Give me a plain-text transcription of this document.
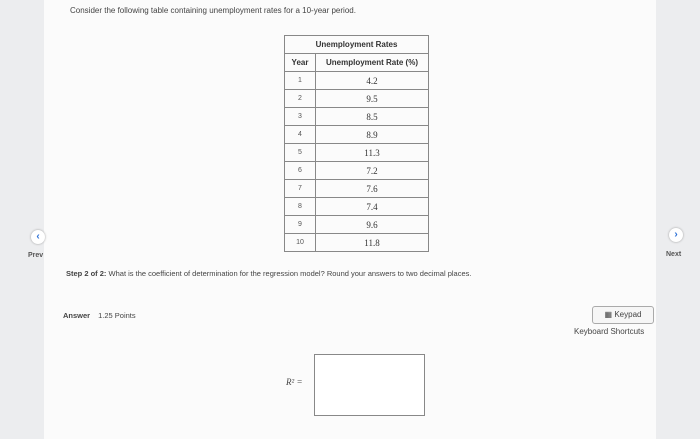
Consider the following table containing unemployment rates for a 10-year period.
Unemployment Rates
Year	Unemployment Rate (%)
1	4.2
2	9.5
3	8.5
4	8.9
5	11.3
6	7.2
7	7.6
8	7.4
9	9.6
10	11.8
‹
Prev
›
Next
Step 2 of 2: What is the coefficient of determination for the regression model? Round your answers to two decimal places.
Answer 1.25 Points	▦ Keypad
Keyboard Shortcuts
R² =
